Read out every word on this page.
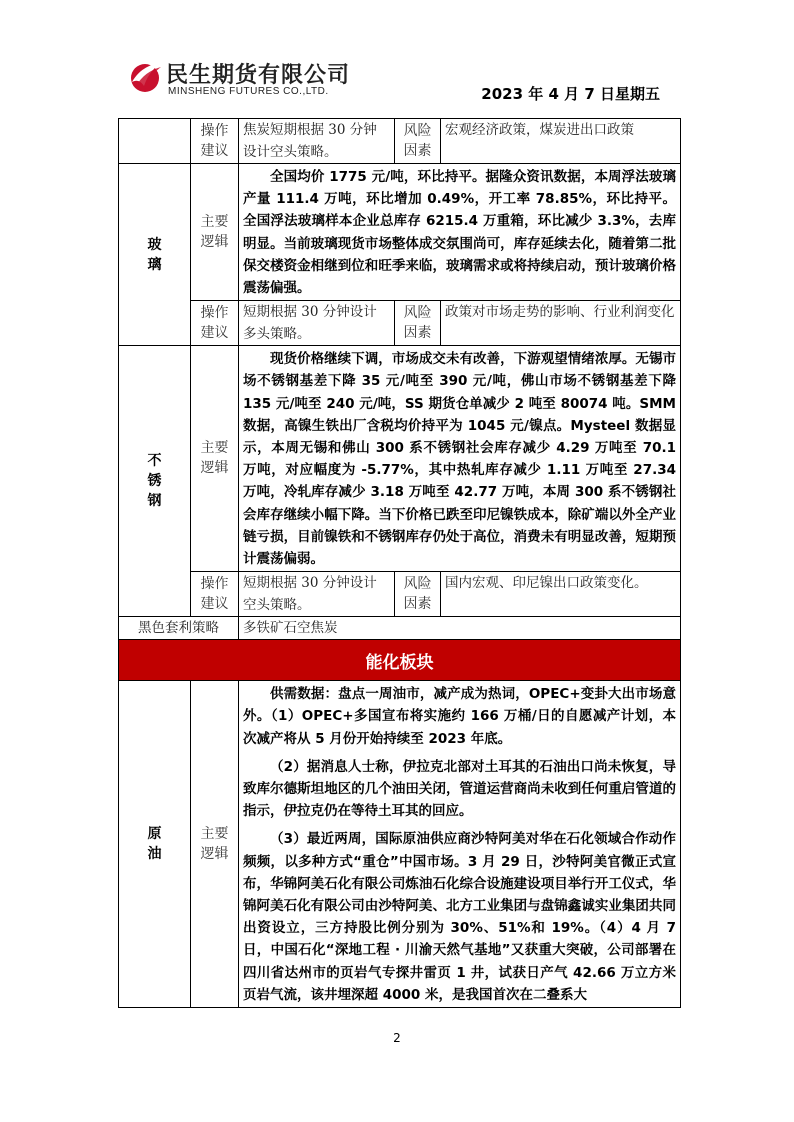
民生期货有限公司
MINSHENG FUTURES CO.,LTD.	2023 年 4 月 7 日星期五
	操作建议	焦炭短期根据 30 分钟设计空头策略。	风险因素	宏观经济政策，煤炭进出口政策
玻璃	主要逻辑	全国均价 1775 元/吨，环比持平。据隆众资讯数据，本周浮法玻璃产量 111.4 万吨，环比增加 0.49%，开工率 78.85%，环比持平。全国浮法玻璃样本企业总库存 6215.4 万重箱，环比减少 3.3%，去库明显。当前玻璃现货市场整体成交氛围尚可，库存延续去化，随着第二批保交楼资金相继到位和旺季来临，玻璃需求或将持续启动，预计玻璃价格震荡偏强。		

	操作建议	短期根据 30 分钟设计多头策略。	风险因素	政策对市场走势的影响、行业利润变化
不锈钢	主要逻辑	现货价格继续下调，市场成交未有改善，下游观望情绪浓厚。无锡市场不锈钢基差下降 35 元/吨至 390 元/吨，佛山市场不锈钢基差下降 135 元/吨至 240 元/吨，SS 期货仓单减少 2 吨至 80074 吨。SMM 数据，高镍生铁出厂含税均价持平为 1045 元/镍点。Mysteel 数据显示，本周无锡和佛山 300 系不锈钢社会库存减少 4.29 万吨至 70.1 万吨，对应幅度为 -5.77%，其中热轧库存减少 1.11 万吨至 27.34 万吨，冷轧库存减少 3.18 万吨至 42.77 万吨，本周 300 系不锈钢社会库存继续小幅下降。当下价格已跌至印尼镍铁成本，除矿端以外全产业链亏损，目前镍铁和不锈钢库存仍处于高位，消费未有明显改善，短期预计震荡偏弱。		

	操作建议	短期根据 30 分钟设计空头策略。	风险因素	国内宏观、印尼镍出口政策变化。
黑色套利策略		多铁矿石空焦炭		
能化板块				
原油	主要逻辑	供需数据：盘点一周油市，减产成为热词，OPEC+变卦大出市场意外。（1）OPEC+多国宣布将实施约 166 万桶/日的自愿减产计划，本次减产将从 5 月份开始持续至 2023 年底。

（2）据消息人士称，伊拉克北部对土耳其的石油出口尚未恢复，导致库尔德斯坦地区的几个油田关闭，管道运营商尚未收到任何重启管道的指示，伊拉克仍在等待土耳其的回应。

（3）最近两周，国际原油供应商沙特阿美对华在石化领域合作动作频频，以多种方式“重仓”中国市场。3 月 29 日，沙特阿美官微正式宣布，华锦阿美石化有限公司炼油石化综合设施建设项目举行开工仪式，华锦阿美石化有限公司由沙特阿美、北方工业集团与盘锦鑫诚实业集团共同出资设立，三方持股比例分别为 30%、51%和 19%。（4）4 月 7 日，中国石化“深地工程 · 川渝天然气基地”又获重大突破，公司部署在四川省达州市的页岩气专探井雷页 1 井，试获日产气 42.66 万立方米页岩气流，该井埋深超 4000 米，是我国首次在二叠系大		

2
